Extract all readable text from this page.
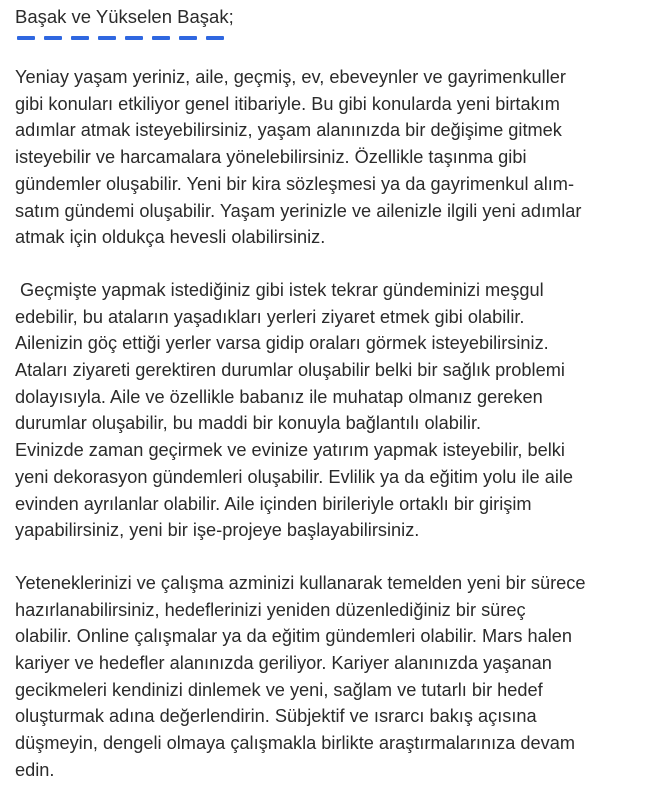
Başak ve Yükselen Başak;

Yeniay yaşam yeriniz, aile, geçmiş, ev, ebeveynler ve gayrimenkuller
gibi konuları etkiliyor genel itibariyle. Bu gibi konularda yeni birtakım
adımlar atmak isteyebilirsiniz, yaşam alanınızda bir değişime gitmek
isteyebilir ve harcamalara yönelebilirsiniz. Özellikle taşınma gibi
gündemler oluşabilir. Yeni bir kira sözleşmesi ya da gayrimenkul alım-
satım gündemi oluşabilir. Yaşam yerinizle ve ailenizle ilgili yeni adımlar
atmak için oldukça hevesli olabilirsiniz.

Geçmişte yapmak istediğiniz gibi istek tekrar gündeminizi meşgul
edebilir, bu ataların yaşadıkları yerleri ziyaret etmek gibi olabilir.
Ailenizin göç ettiği yerler varsa gidip oraları görmek isteyebilirsiniz.
Ataları ziyareti gerektiren durumlar oluşabilir belki bir sağlık problemi
dolayısıyla. Aile ve özellikle babanız ile muhatap olmanız gereken
durumlar oluşabilir, bu maddi bir konuyla bağlantılı olabilir.
Evinizde zaman geçirmek ve evinize yatırım yapmak isteyebilir, belki
yeni dekorasyon gündemleri oluşabilir. Evlilik ya da eğitim yolu ile aile
evinden ayrılanlar olabilir. Aile içinden birileriyle ortaklı bir girişim
yapabilirsiniz, yeni bir işe-projeye başlayabilirsiniz.

Yeteneklerinizi ve çalışma azminizi kullanarak temelden yeni bir sürece
hazırlanabilirsiniz, hedeflerinizi yeniden düzenlediğiniz bir süreç
olabilir. Online çalışmalar ya da eğitim gündemleri olabilir. Mars halen
kariyer ve hedefler alanınızda geriliyor. Kariyer alanınızda yaşanan
gecikmeleri kendinizi dinlemek ve yeni, sağlam ve tutarlı bir hedef
oluşturmak adına değerlendirin. Sübjektif ve ısrarcı bakış açısına
düşmeyin, dengeli olmaya çalışmakla birlikte araştırmalarınıza devam
edin.
